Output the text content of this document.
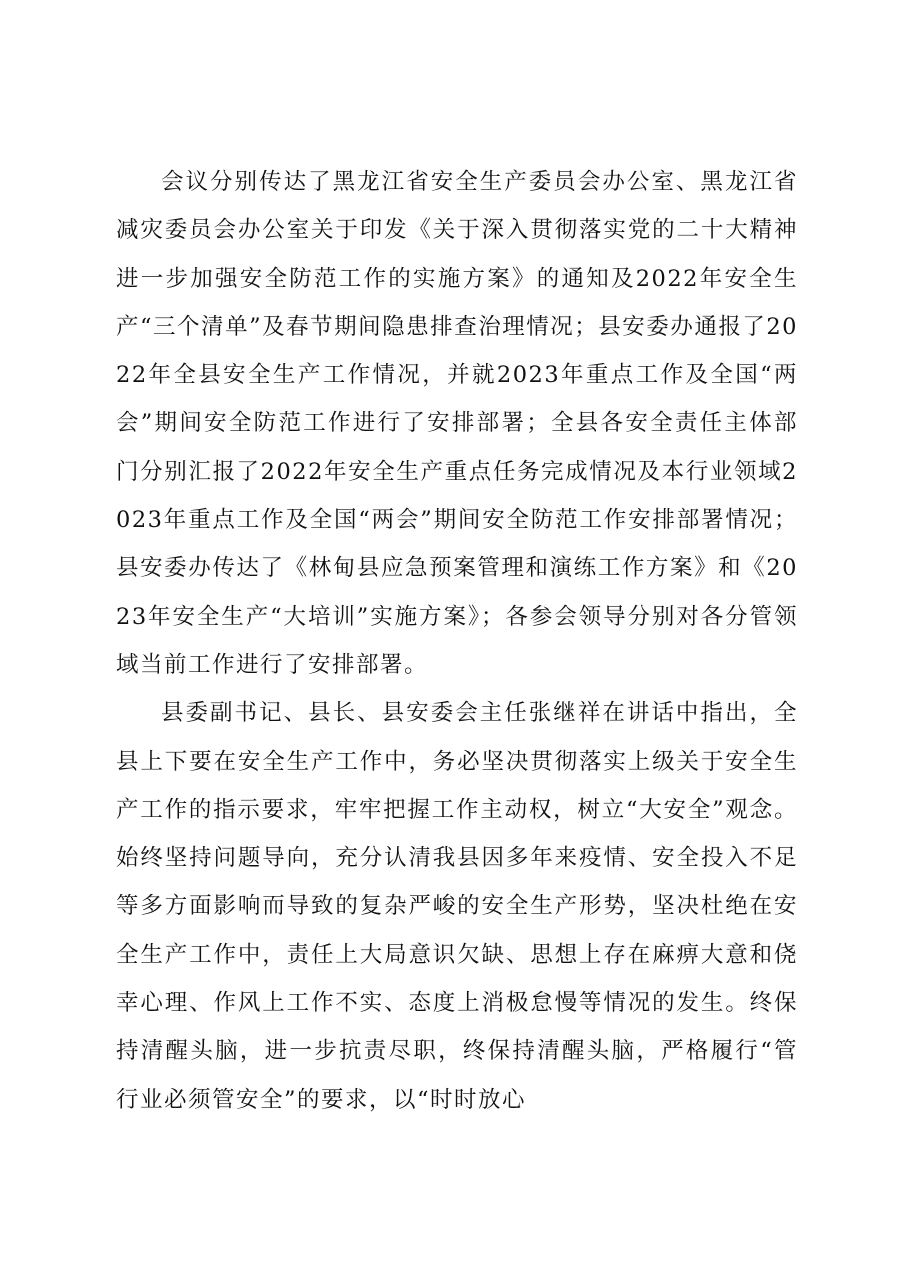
会议分别传达了黑龙江省安全生产委员会办公室、黑龙江省减灾委员会办公室关于印发《关于深入贯彻落实党的二十大精神进一步加强安全防范工作的实施方案》的通知及2022年安全生产“三个清单”及春节期间隐患排查治理情况；县安委办通报了2022年全县安全生产工作情况，并就2023年重点工作及全国“两会”期间安全防范工作进行了安排部署；全县各安全责任主体部门分别汇报了2022年安全生产重点任务完成情况及本行业领域2023年重点工作及全国“两会”期间安全防范工作安排部署情况；县安委办传达了《林甸县应急预案管理和演练工作方案》和《2023年安全生产“大培训”实施方案》；各参会领导分别对各分管领域当前工作进行了安排部署。

县委副书记、县长、县安委会主任张继祥在讲话中指出，全县上下要在安全生产工作中，务必坚决贯彻落实上级关于安全生产工作的指示要求，牢牢把握工作主动权，树立“大安全”观念。始终坚持问题导向，充分认清我县因多年来疫情、安全投入不足等多方面影响而导致的复杂严峻的安全生产形势，坚决杜绝在安全生产工作中，责任上大局意识欠缺、思想上存在麻痹大意和侥幸心理、作风上工作不实、态度上消极怠慢等情况的发生。终保持清醒头脑，进一步抗责尽职，终保持清醒头脑，严格履行“管行业必须管安全”的要求，以“时时放心
